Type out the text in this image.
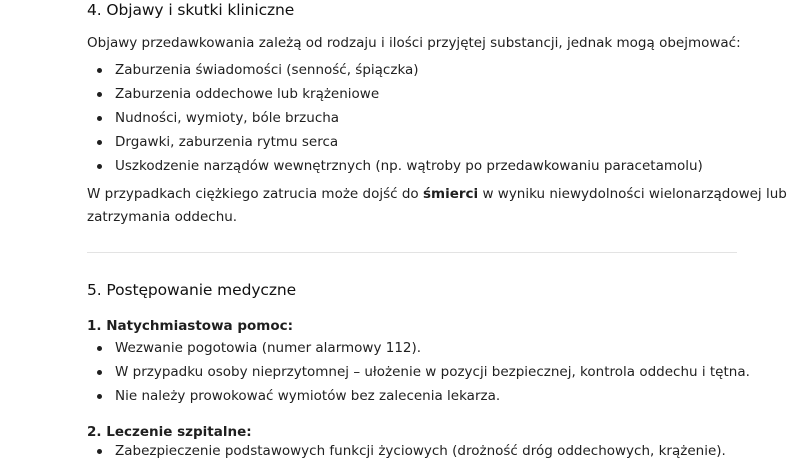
4. Objawy i skutki kliniczne
Objawy przedawkowania zależą od rodzaju i ilości przyjętej substancji, jednak mogą obejmować:
Zaburzenia świadomości (senność, śpiączka)
Zaburzenia oddechowe lub krążeniowe
Nudności, wymioty, bóle brzucha
Drgawki, zaburzenia rytmu serca
Uszkodzenie narządów wewnętrznych (np. wątroby po przedawkowaniu paracetamolu)
W przypadkach ciężkiego zatrucia może dojść do śmierci w wyniku niewydolności wielonarządowej lub
zatrzymania oddechu.
5. Postępowanie medyczne
1. Natychmiastowa pomoc:
Wezwanie pogotowia (numer alarmowy 112).
W przypadku osoby nieprzytomnej – ułożenie w pozycji bezpiecznej, kontrola oddechu i tętna.
Nie należy prowokować wymiotów bez zalecenia lekarza.
2. Leczenie szpitalne:
Zabezpieczenie podstawowych funkcji życiowych (drożność dróg oddechowych, krążenie).
